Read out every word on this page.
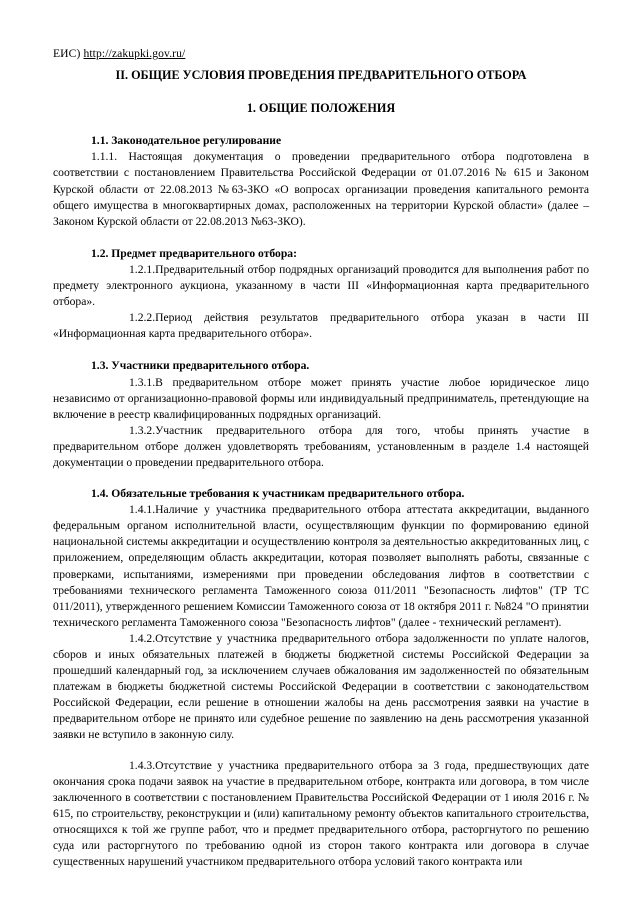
ЕИС) http://zakupki.gov.ru/

II. ОБЩИЕ УСЛОВИЯ ПРОВЕДЕНИЯ ПРЕДВАРИТЕЛЬНОГО ОТБОРА

1. ОБЩИЕ ПОЛОЖЕНИЯ

1.1. Законодательное регулирование

1.1.1. Настоящая документация о проведении предварительного отбора подготовлена в соответствии с постановлением Правительства Российской Федерации от 01.07.2016 № 615 и Законом Курской области от 22.08.2013 №63-ЗКО «О вопросах организации проведения капитального ремонта общего имущества в многоквартирных домах, расположенных на территории Курской области» (далее – Законом Курской области от 22.08.2013 №63-ЗКО).

1.2. Предмет предварительного отбора:

1.2.1.Предварительный отбор подрядных организаций проводится для выполнения работ по предмету электронного аукциона, указанному в части III «Информационная карта предварительного отбора».

1.2.2.Период действия результатов предварительного отбора указан в части III «Информационная карта предварительного отбора».

1.3. Участники предварительного отбора.

1.3.1.В предварительном отборе может принять участие любое юридическое лицо независимо от организационно-правовой формы или индивидуальный предприниматель, претендующие на включение в реестр квалифицированных подрядных организаций.

1.3.2.Участник предварительного отбора для того, чтобы принять участие в предварительном отборе должен удовлетворять требованиям, установленным в разделе 1.4 настоящей документации о проведении предварительного отбора.

1.4. Обязательные требования к участникам предварительного отбора.

1.4.1.Наличие у участника предварительного отбора аттестата аккредитации, выданного федеральным органом исполнительной власти, осуществляющим функции по формированию единой национальной системы аккредитации и осуществлению контроля за деятельностью аккредитованных лиц, с приложением, определяющим область аккредитации, которая позволяет выполнять работы, связанные с проверками, испытаниями, измерениями при проведении обследования лифтов в соответствии с требованиями технического регламента Таможенного союза 011/2011 "Безопасность лифтов" (ТР ТС 011/2011), утвержденного решением Комиссии Таможенного союза от 18 октября 2011 г. №824 "О принятии технического регламента Таможенного союза "Безопасность лифтов" (далее - технический регламент).

1.4.2.Отсутствие у участника предварительного отбора задолженности по уплате налогов, сборов и иных обязательных платежей в бюджеты бюджетной системы Российской Федерации за прошедший календарный год, за исключением случаев обжалования им задолженностей по обязательным платежам в бюджеты бюджетной системы Российской Федерации в соответствии с законодательством Российской Федерации, если решение в отношении жалобы на день рассмотрения заявки на участие в предварительном отборе не принято или судебное решение по заявлению на день рассмотрения указанной заявки не вступило в законную силу.

1.4.3.Отсутствие у участника предварительного отбора за 3 года, предшествующих дате окончания срока подачи заявок на участие в предварительном отборе, контракта или договора, в том числе заключенного в соответствии с постановлением Правительства Российской Федерации от 1 июля 2016 г. № 615, по строительству, реконструкции и (или) капитальному ремонту объектов капитального строительства, относящихся к той же группе работ, что и предмет предварительного отбора, расторгнутого по решению суда или расторгнутого по требованию одной из сторон такого контракта или договора в случае существенных нарушений участником предварительного отбора условий такого контракта или
